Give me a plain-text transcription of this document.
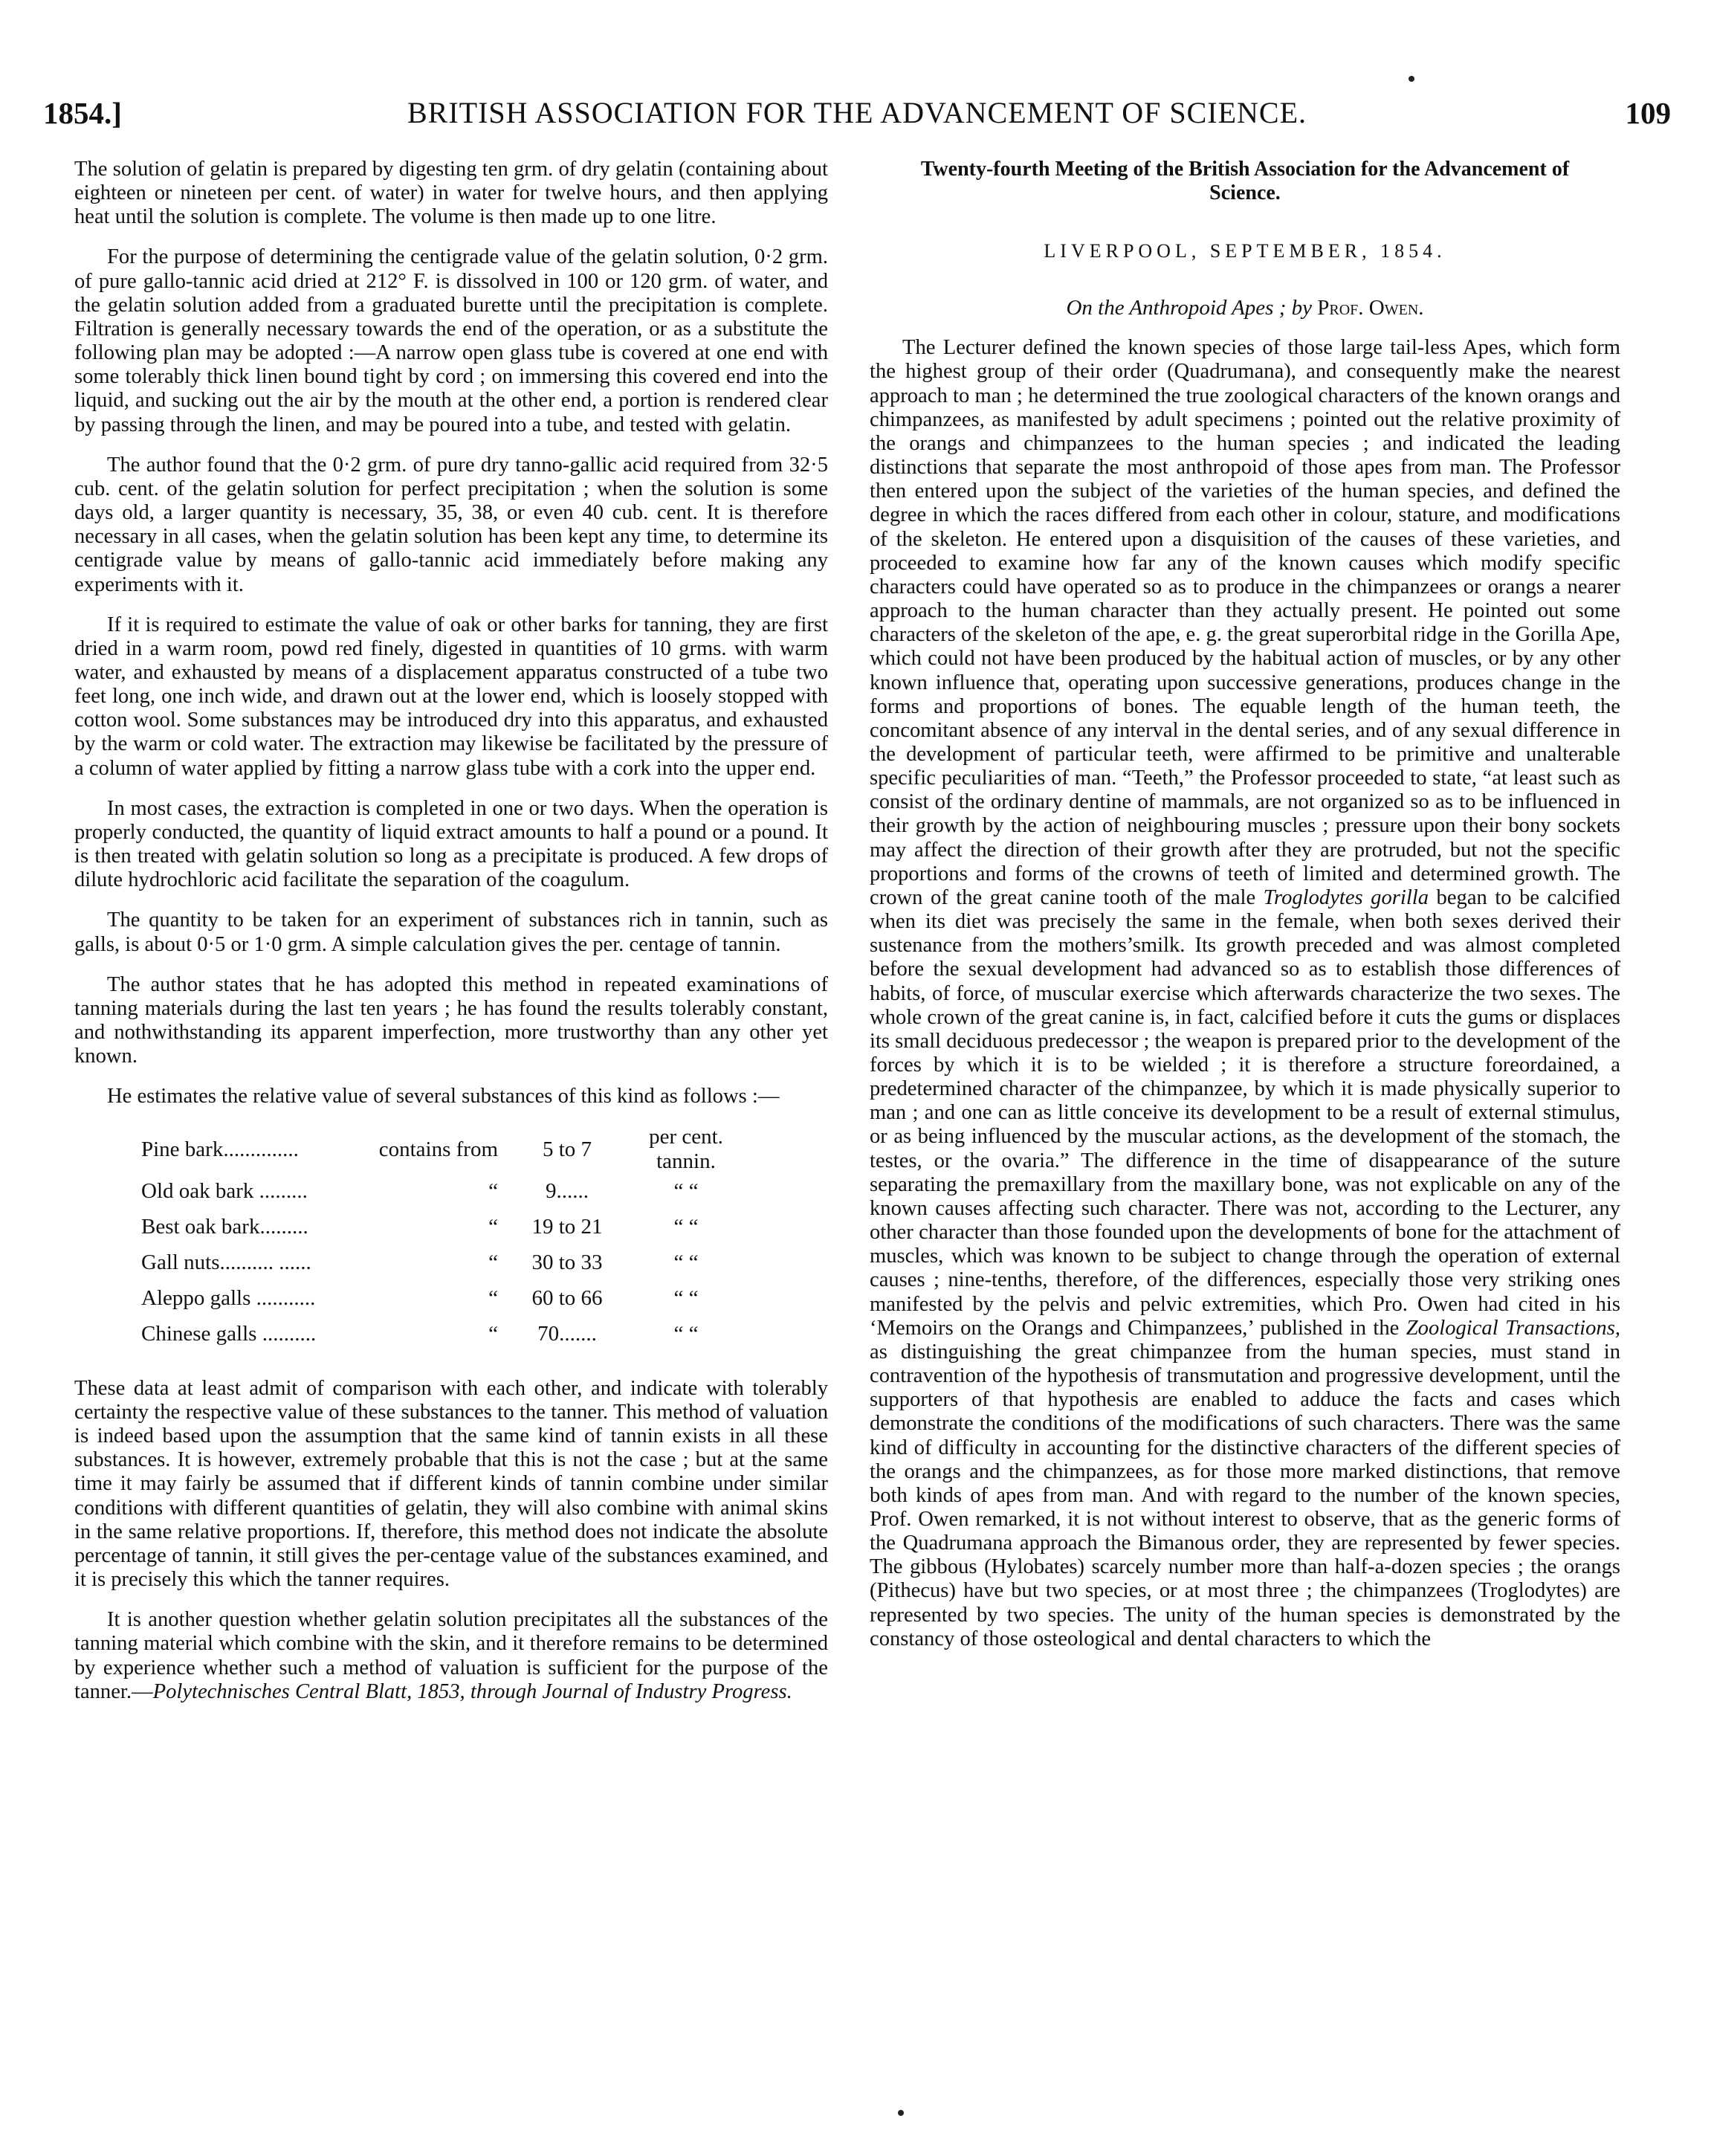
1854.]	BRITISH ASSOCIATION FOR THE ADVANCEMENT OF SCIENCE.	109

The solution of gelatin is prepared by digesting ten grm. of dry gelatin (containing about eighteen or nineteen per cent. of water) in water for twelve hours, and then applying heat until the solution is complete. The volume is then made up to one litre.

For the purpose of determining the centigrade value of the gelatin solution, 0·2 grm. of pure gallo-tannic acid dried at 212° F. is dissolved in 100 or 120 grm. of water, and the gelatin solution added from a graduated burette until the precipitation is complete. Filtration is generally necessary towards the end of the operation, or as a substitute the following plan may be adopted :—A narrow open glass tube is covered at one end with some tolerably thick linen bound tight by cord ; on immersing this covered end into the liquid, and sucking out the air by the mouth at the other end, a portion is rendered clear by passing through the linen, and may be poured into a tube, and tested with gelatin.

The author found that the 0·2 grm. of pure dry tanno-gallic acid required from 32·5 cub. cent. of the gelatin solution for perfect precipitation ; when the solution is some days old, a larger quantity is necessary, 35, 38, or even 40 cub. cent. It is therefore necessary in all cases, when the gelatin solution has been kept any time, to determine its centigrade value by means of gallo-tannic acid immediately before making any experiments with it.

If it is required to estimate the value of oak or other barks for tanning, they are first dried in a warm room, powd red finely, digested in quantities of 10 grms. with warm water, and exhausted by means of a displacement apparatus constructed of a tube two feet long, one inch wide, and drawn out at the lower end, which is loosely stopped with cotton wool. Some substances may be introduced dry into this apparatus, and exhausted by the warm or cold water. The extraction may likewise be facilitated by the pressure of a column of water applied by fitting a narrow glass tube with a cork into the upper end.

In most cases, the extraction is completed in one or two days. When the operation is properly conducted, the quantity of liquid extract amounts to half a pound or a pound. It is then treated with gelatin solution so long as a precipitate is produced. A few drops of dilute hydrochloric acid facilitate the separation of the coagulum.

The quantity to be taken for an experiment of substances rich in tannin, such as galls, is about 0·5 or 1·0 grm. A simple calculation gives the per. centage of tannin.

The author states that he has adopted this method in repeated examinations of tanning materials during the last ten years ; he has found the results tolerably constant, and nothwithstanding its apparent imperfection, more trustworthy than any other yet known.

He estimates the relative value of several substances of this kind as follows :—

Pine bark..............	contains from	5 to 7	per cent. tannin.
Old oak bark .........	“	9......	“ “
Best oak bark.........	“	19 to 21	“ “
Gall nuts.......... ......	“	30 to 33	“ “
Aleppo galls ...........	“	60 to 66	“ “
Chinese galls ..........	“	70.......	“ “

These data at least admit of comparison with each other, and indicate with tolerably certainty the respective value of these substances to the tanner. This method of valuation is indeed based upon the assumption that the same kind of tannin exists in all these substances. It is however, extremely probable that this is not the case ; but at the same time it may fairly be assumed that if different kinds of tannin combine under similar conditions with different quantities of gelatin, they will also combine with animal skins in the same relative proportions. If, therefore, this method does not indicate the absolute percentage of tannin, it still gives the per-centage value of the substances examined, and it is precisely this which the tanner requires.

It is another question whether gelatin solution precipitates all the substances of the tanning material which combine with the skin, and it therefore remains to be determined by experience whether such a method of valuation is sufficient for the purpose of the tanner.—Polytechnisches Central Blatt, 1853, through Journal of Industry Progress.

Twenty-fourth Meeting of the British Association for the Advancement of Science.
LIVERPOOL, SEPTEMBER, 1854.
On the Anthropoid Apes ; by Prof. Owen.

The Lecturer defined the known species of those large tail-less Apes, which form the highest group of their order (Quadrumana), and consequently make the nearest approach to man ; he determined the true zoological characters of the known orangs and chimpanzees, as manifested by adult specimens ; pointed out the relative proximity of the orangs and chimpanzees to the human species ; and indicated the leading distinctions that separate the most anthropoid of those apes from man. The Professor then entered upon the subject of the varieties of the human species, and defined the degree in which the races differed from each other in colour, stature, and modifications of the skeleton. He entered upon a disquisition of the causes of these varieties, and proceeded to examine how far any of the known causes which modify specific characters could have operated so as to produce in the chimpanzees or orangs a nearer approach to the human character than they actually present. He pointed out some characters of the skeleton of the ape, e. g. the great superorbital ridge in the Gorilla Ape, which could not have been produced by the habitual action of muscles, or by any other known influence that, operating upon successive generations, produces change in the forms and proportions of bones. The equable length of the human teeth, the concomitant absence of any interval in the dental series, and of any sexual difference in the development of particular teeth, were affirmed to be primitive and unalterable specific peculiarities of man. “Teeth,” the Professor proceeded to state, “at least such as consist of the ordinary dentine of mammals, are not organized so as to be influenced in their growth by the action of neighbouring muscles ; pressure upon their bony sockets may affect the direction of their growth after they are protruded, but not the specific proportions and forms of the crowns of teeth of limited and determined growth. The crown of the great canine tooth of the male Troglodytes gorilla began to be calcified when its diet was precisely the same in the female, when both sexes derived their sustenance from the mothers’smilk. Its growth preceded and was almost completed before the sexual development had advanced so as to establish those differences of habits, of force, of muscular exercise which afterwards characterize the two sexes. The whole crown of the great canine is, in fact, calcified before it cuts the gums or displaces its small deciduous predecessor ; the weapon is prepared prior to the development of the forces by which it is to be wielded ; it is therefore a structure foreordained, a predetermined character of the chimpanzee, by which it is made physically superior to man ; and one can as little conceive its development to be a result of external stimulus, or as being influenced by the muscular actions, as the development of the stomach, the testes, or the ovaria.” The difference in the time of disappearance of the suture separating the premaxillary from the maxillary bone, was not explicable on any of the known causes affecting such character. There was not, according to the Lecturer, any other character than those founded upon the developments of bone for the attachment of muscles, which was known to be subject to change through the operation of external causes ; nine-tenths, therefore, of the differences, especially those very striking ones manifested by the pelvis and pelvic extremities, which Pro. Owen had cited in his ‘Memoirs on the Orangs and Chimpanzees,’ published in the Zoological Transactions, as distinguishing the great chimpanzee from the human species, must stand in contravention of the hypothesis of transmutation and progressive development, until the supporters of that hypothesis are enabled to adduce the facts and cases which demonstrate the conditions of the modifications of such characters. There was the same kind of difficulty in accounting for the distinctive characters of the different species of the orangs and the chimpanzees, as for those more marked distinctions, that remove both kinds of apes from man. And with regard to the number of the known species, Prof. Owen remarked, it is not without interest to observe, that as the generic forms of the Quadrumana approach the Bimanous order, they are represented by fewer species. The gibbous (Hylobates) scarcely number more than half-a-dozen species ; the orangs (Pithecus) have but two species, or at most three ; the chimpanzees (Troglodytes) are represented by two species. The unity of the human species is demonstrated by the constancy of those osteological and dental characters to which the
